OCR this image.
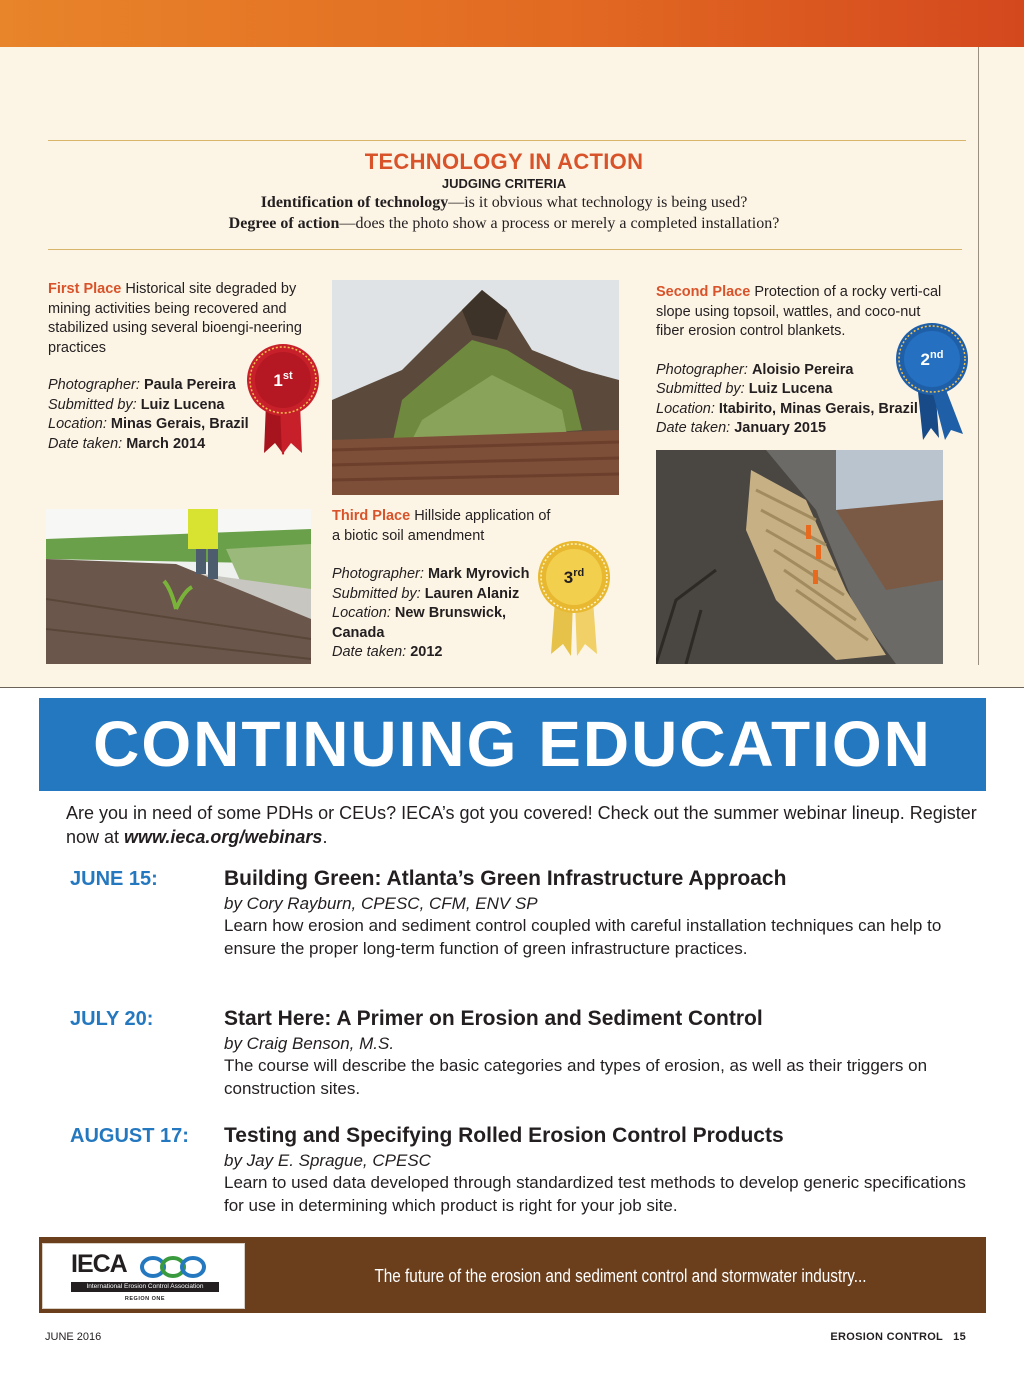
TECHNOLOGY IN ACTION
JUDGING CRITERIA
Identification of technology—is it obvious what technology is being used?
Degree of action—does the photo show a process or merely a completed installation?
First Place Historical site degraded by mining activities being recovered and stabilized using several bioengi-neering practices
Photographer: Paula Pereira
Submitted by: Luiz Lucena
Location: Minas Gerais, Brazil
Date taken: March 2014
1st
Second Place Protection of a rocky verti-cal slope using topsoil, wattles, and coco-nut fiber erosion control blankets.
Photographer: Aloisio Pereira
Submitted by: Luiz Lucena
Location: Itabirito, Minas Gerais, Brazil
Date taken: January 2015
2nd
Third Place Hillside application of a biotic soil amendment
Photographer: Mark Myrovich
Submitted by: Lauren Alaniz
Location: New Brunswick, Canada
Date taken: 2012
3rd
CONTINUING EDUCATION
Are you in need of some PDHs or CEUs? IECA’s got you covered! Check out the summer webinar lineup. Register now at www.ieca.org/webinars.
JUNE 15:	Building Green: Atlanta’s Green Infrastructure Approach
by Cory Rayburn, CPESC, CFM, ENV SP
Learn how erosion and sediment control coupled with careful installation techniques can help to ensure the proper long-term function of green infrastructure practices.
JULY 20:	Start Here: A Primer on Erosion and Sediment Control
by Craig Benson, M.S.
The course will describe the basic categories and types of erosion, as well as their triggers on construction sites.
AUGUST 17: Testing and Specifying Rolled Erosion Control Products
by Jay E. Sprague, CPESC
Learn to used data developed through standardized test methods to develop generic specifications for use in determining which product is right for your job site.
IECA
International Erosion Control Association
REGION ONE
The future of the erosion and sediment control and stormwater industry...
JUNE 2016	EROSION CONTROL 15
